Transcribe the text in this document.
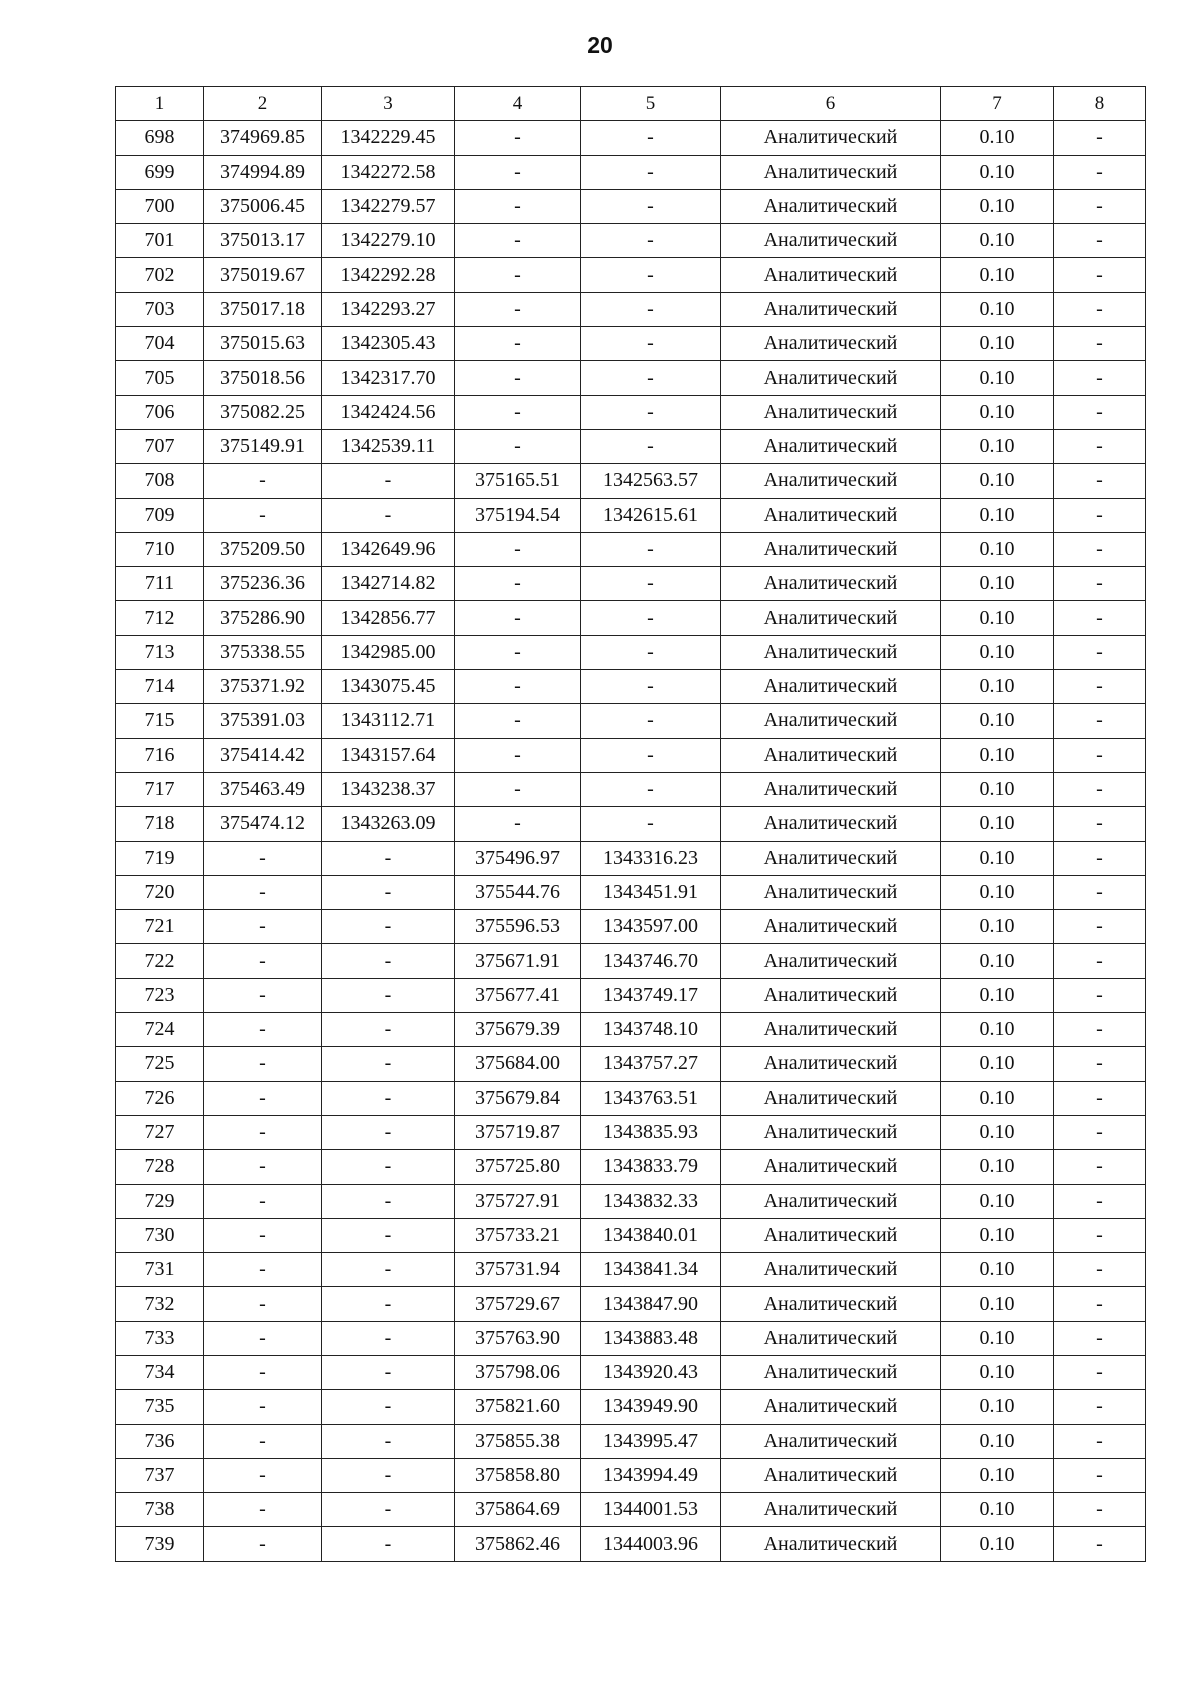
20
1	2	3	4	5	6	7	8
698	374969.85	1342229.45	-	-	Аналитический	0.10	-
699	374994.89	1342272.58	-	-	Аналитический	0.10	-
700	375006.45	1342279.57	-	-	Аналитический	0.10	-
701	375013.17	1342279.10	-	-	Аналитический	0.10	-
702	375019.67	1342292.28	-	-	Аналитический	0.10	-
703	375017.18	1342293.27	-	-	Аналитический	0.10	-
704	375015.63	1342305.43	-	-	Аналитический	0.10	-
705	375018.56	1342317.70	-	-	Аналитический	0.10	-
706	375082.25	1342424.56	-	-	Аналитический	0.10	-
707	375149.91	1342539.11	-	-	Аналитический	0.10	-
708	-	-	375165.51	1342563.57	Аналитический	0.10	-
709	-	-	375194.54	1342615.61	Аналитический	0.10	-
710	375209.50	1342649.96	-	-	Аналитический	0.10	-
711	375236.36	1342714.82	-	-	Аналитический	0.10	-
712	375286.90	1342856.77	-	-	Аналитический	0.10	-
713	375338.55	1342985.00	-	-	Аналитический	0.10	-
714	375371.92	1343075.45	-	-	Аналитический	0.10	-
715	375391.03	1343112.71	-	-	Аналитический	0.10	-
716	375414.42	1343157.64	-	-	Аналитический	0.10	-
717	375463.49	1343238.37	-	-	Аналитический	0.10	-
718	375474.12	1343263.09	-	-	Аналитический	0.10	-
719	-	-	375496.97	1343316.23	Аналитический	0.10	-
720	-	-	375544.76	1343451.91	Аналитический	0.10	-
721	-	-	375596.53	1343597.00	Аналитический	0.10	-
722	-	-	375671.91	1343746.70	Аналитический	0.10	-
723	-	-	375677.41	1343749.17	Аналитический	0.10	-
724	-	-	375679.39	1343748.10	Аналитический	0.10	-
725	-	-	375684.00	1343757.27	Аналитический	0.10	-
726	-	-	375679.84	1343763.51	Аналитический	0.10	-
727	-	-	375719.87	1343835.93	Аналитический	0.10	-
728	-	-	375725.80	1343833.79	Аналитический	0.10	-
729	-	-	375727.91	1343832.33	Аналитический	0.10	-
730	-	-	375733.21	1343840.01	Аналитический	0.10	-
731	-	-	375731.94	1343841.34	Аналитический	0.10	-
732	-	-	375729.67	1343847.90	Аналитический	0.10	-
733	-	-	375763.90	1343883.48	Аналитический	0.10	-
734	-	-	375798.06	1343920.43	Аналитический	0.10	-
735	-	-	375821.60	1343949.90	Аналитический	0.10	-
736	-	-	375855.38	1343995.47	Аналитический	0.10	-
737	-	-	375858.80	1343994.49	Аналитический	0.10	-
738	-	-	375864.69	1344001.53	Аналитический	0.10	-
739	-	-	375862.46	1344003.96	Аналитический	0.10	-
